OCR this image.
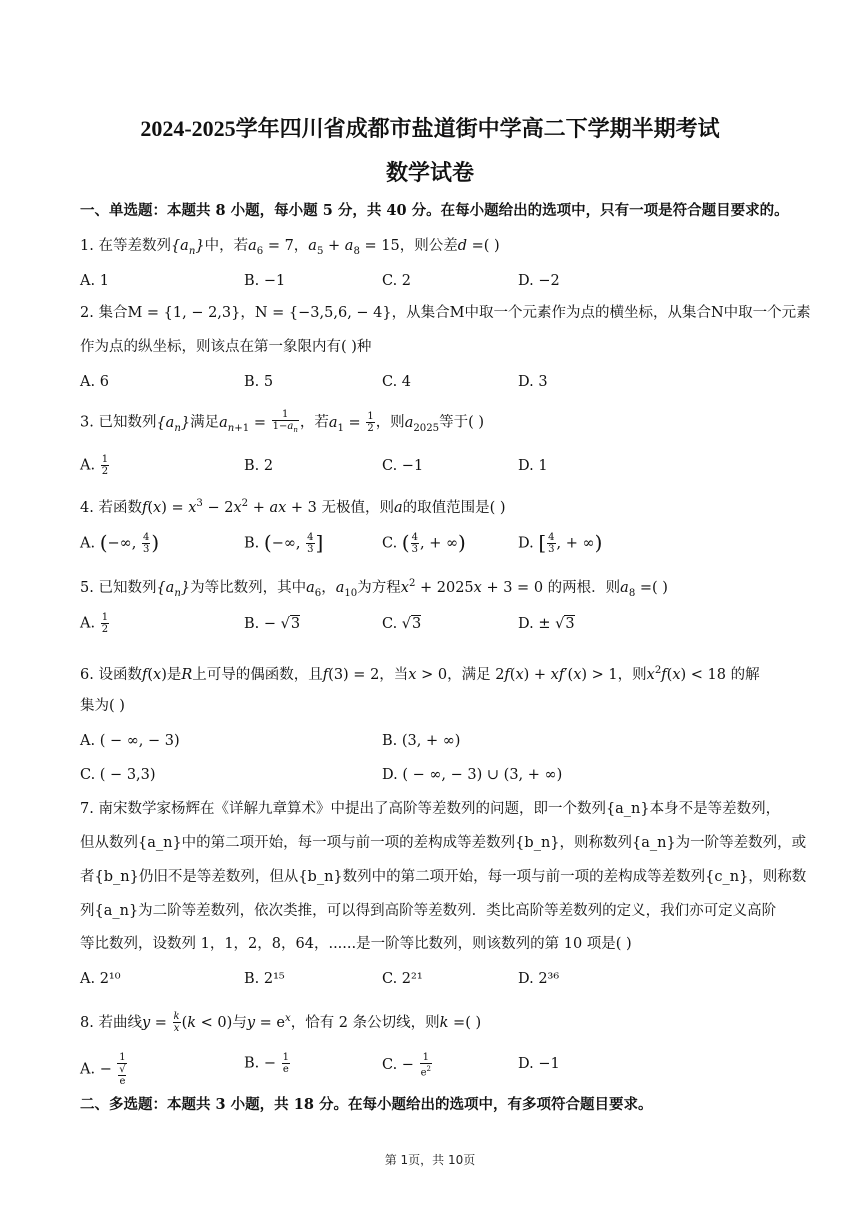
2024-2025学年四川省成都市盐道街中学高二下学期半期考试
数学试卷
一、单选题：本题共 8 小题，每小题 5 分，共 40 分。在每小题给出的选项中，只有一项是符合题目要求的。
1. 在等差数列$\{a_n\}$中，若$a_6 = 7$，$a_5 + a_8 = 15$，则公差d =( )
A. 1	B. −1	C. 2	D. −2
2. 集合M = {1, − 2,3}，N = {−3,5,6, − 4}，从集合M中取一个元素作为点的横坐标，从集合N中取一个元素
作为点的纵坐标，则该点在第一象限内有( )种
A. 6	B. 5	C. 4	D. 3
3. 已知数列$\{a_n\}$满足$a_{n+1} = \frac{1}{1-a_n}$ ，若$a_1 = \frac{1}{2}$ ，则$a_{2025}$等于( )
A. $\frac{1}{2}$	B. 2	C. −1	D. 1
4. 若函数$f(x) = x^3 - 2x^2$ + ax + 3 无极值，则a的取值范围是( )
A. (−∞, $\frac{4}{3}$ )	B. (−∞, $\frac{4}{3}$ ]	C. ( $\frac{4}{3}$ , + ∞)	D. [ $\frac{4}{3}$ , + ∞)
5. 已知数列$\{a_n\}$为等比数列，其中$a_6$，$a_{10}$为方程$x^2 + 2025x + 3 = 0$ 的两根．则$a_8$ =( )
A. $\frac{1}{2}$	B. − √3	C. √3	D. ± √3
6. 设函数f(x)是R上可导的偶函数，且f(3) = 2，当x > 0，满足 2f(x) + xf′(x) > 1，则$x^2f(x) < 18$ 的解
集为( )
A. ( − ∞, − 3)	B. (3, + ∞)
C. ( − 3,3)	D. ( − ∞, − 3) ∪ (3, + ∞)
7. 南宋数学家杨辉在《详解九章算术》中提出了高阶等差数列的问题，即一个数列{a_n}本身不是等差数列，
但从数列{a_n}中的第二项开始，每一项与前一项的差构成等差数列{b_n}，则称数列{a_n}为一阶等差数列，或
者{b_n}仍旧不是等差数列，但从{b_n}数列中的第二项开始，每一项与前一项的差构成等差数列{c_n}，则称数
列{a_n}为二阶等差数列，依次类推，可以得到高阶等差数列．类比高阶等差数列的定义，我们亦可定义高阶
等比数列，设数列 1，1，2，8，64，......是一阶等比数列，则该数列的第 10 项是( )
A. 2¹⁰	B. 2¹⁵	C. 2²¹	D. 2³⁶
8. 若曲线$y = \frac{k}{x} (k < 0)$与$y = e^x$，恰有 2 条公切线，则k =( )
A. − 1
√
e	B. − $\frac{1}{e}$	C. − $\frac{1}{e^2}$	D. −1
二、多选题：本题共 3 小题，共 18 分。在每小题给出的选项中，有多项符合题目要求。
第 1页，共 10页
